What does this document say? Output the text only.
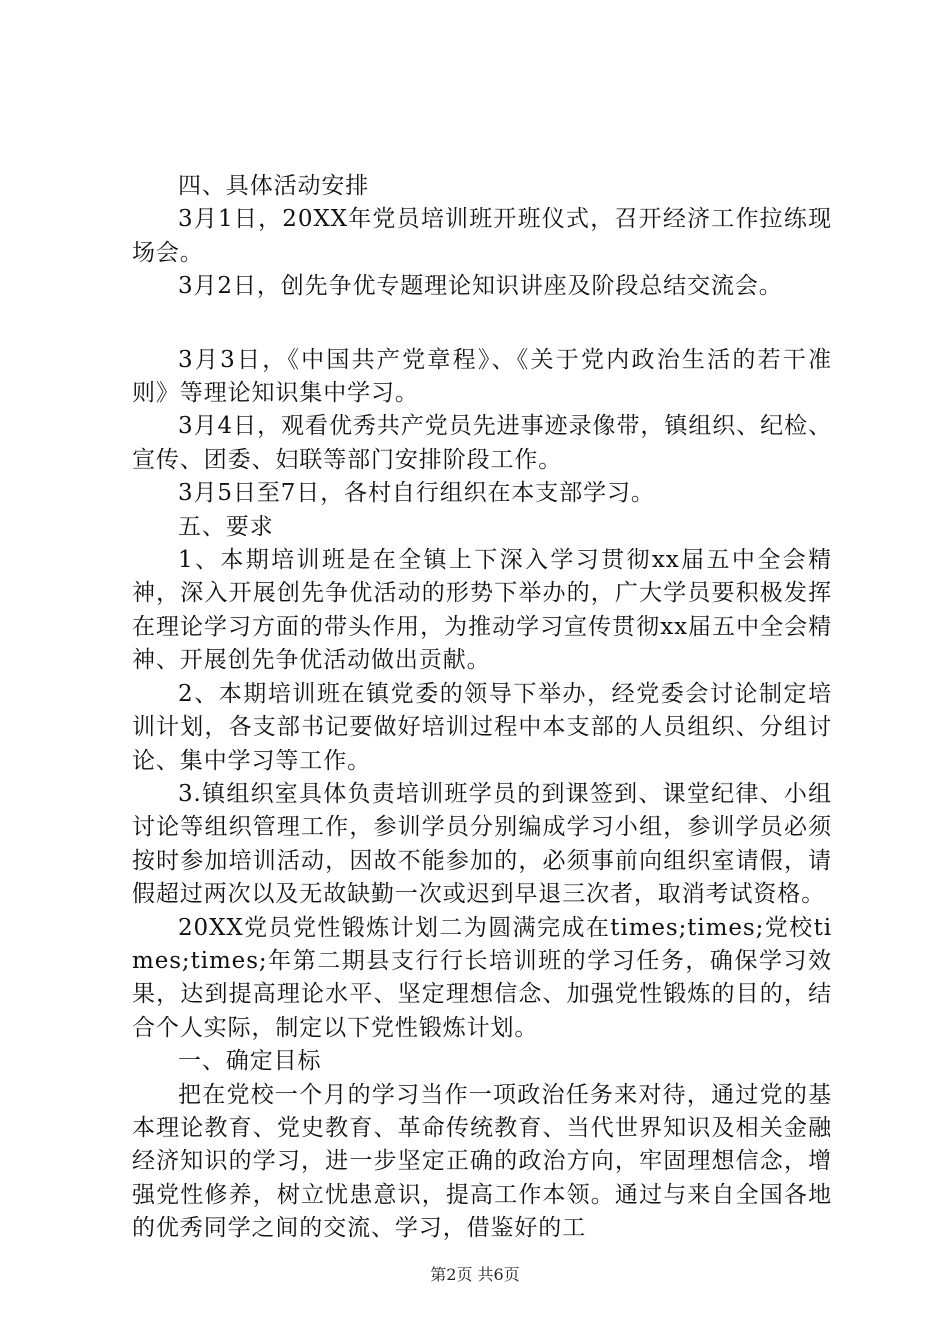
四、具体活动安排

3月1日，20XX年党员培训班开班仪式，召开经济工作拉练现场会。

3月2日，创先争优专题理论知识讲座及阶段总结交流会。

3月3日，《中国共产党章程》、《关于党内政治生活的若干准则》等理论知识集中学习。

3月4日，观看优秀共产党员先进事迹录像带，镇组织、纪检、宣传、团委、妇联等部门安排阶段工作。

3月5日至7日，各村自行组织在本支部学习。

五、要求

1、本期培训班是在全镇上下深入学习贯彻xx届五中全会精神，深入开展创先争优活动的形势下举办的，广大学员要积极发挥在理论学习方面的带头作用，为推动学习宣传贯彻xx届五中全会精神、开展创先争优活动做出贡献。

2、本期培训班在镇党委的领导下举办，经党委会讨论制定培训计划，各支部书记要做好培训过程中本支部的人员组织、分组讨论、集中学习等工作。

3.镇组织室具体负责培训班学员的到课签到、课堂纪律、小组讨论等组织管理工作，参训学员分别编成学习小组，参训学员必须按时参加培训活动，因故不能参加的，必须事前向组织室请假，请假超过两次以及无故缺勤一次或迟到早退三次者，取消考试资格。

20XX党员党性锻炼计划二为圆满完成在times;times;党校times;times;年第二期县支行行长培训班的学习任务，确保学习效果，达到提高理论水平、坚定理想信念、加强党性锻炼的目的，结合个人实际，制定以下党性锻炼计划。

一、确定目标

把在党校一个月的学习当作一项政治任务来对待，通过党的基本理论教育、党史教育、革命传统教育、当代世界知识及相关金融经济知识的学习，进一步坚定正确的政治方向，牢固理想信念，增强党性修养，树立忧患意识，提高工作本领。通过与来自全国各地的优秀同学之间的交流、学习，借鉴好的工

第2页 共6页
